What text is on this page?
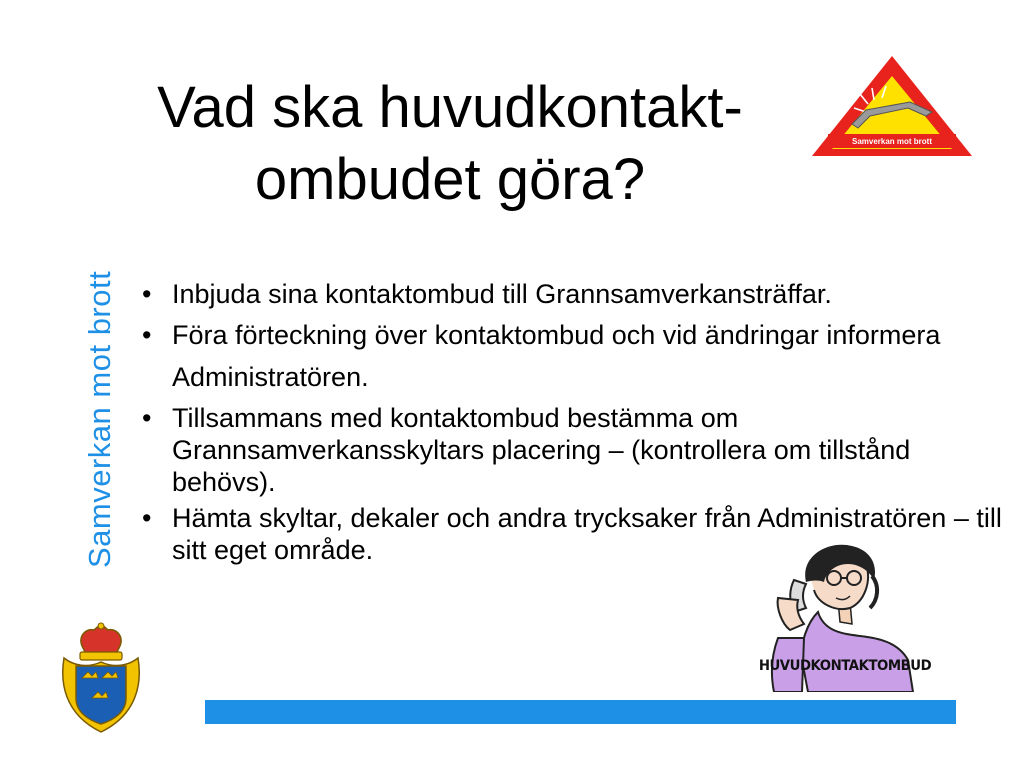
Vad ska huvudkontakt-
ombudet göra?
Samverkan mot brott
Samverkan mot brott
•	Inbjuda sina kontaktombud till Grannsamverkansträffar.
• Föra förteckning över kontaktombud och vid ändringar informera Administratören.
• Tillsammans med kontaktombud bestämma om Grannsamverkansskyltars placering – (kontrollera om tillstånd behövs).
• Hämta skyltar, dekaler och andra trycksaker från Administratören – till sitt eget område.
HUVUDKONTAKTOMBUD
